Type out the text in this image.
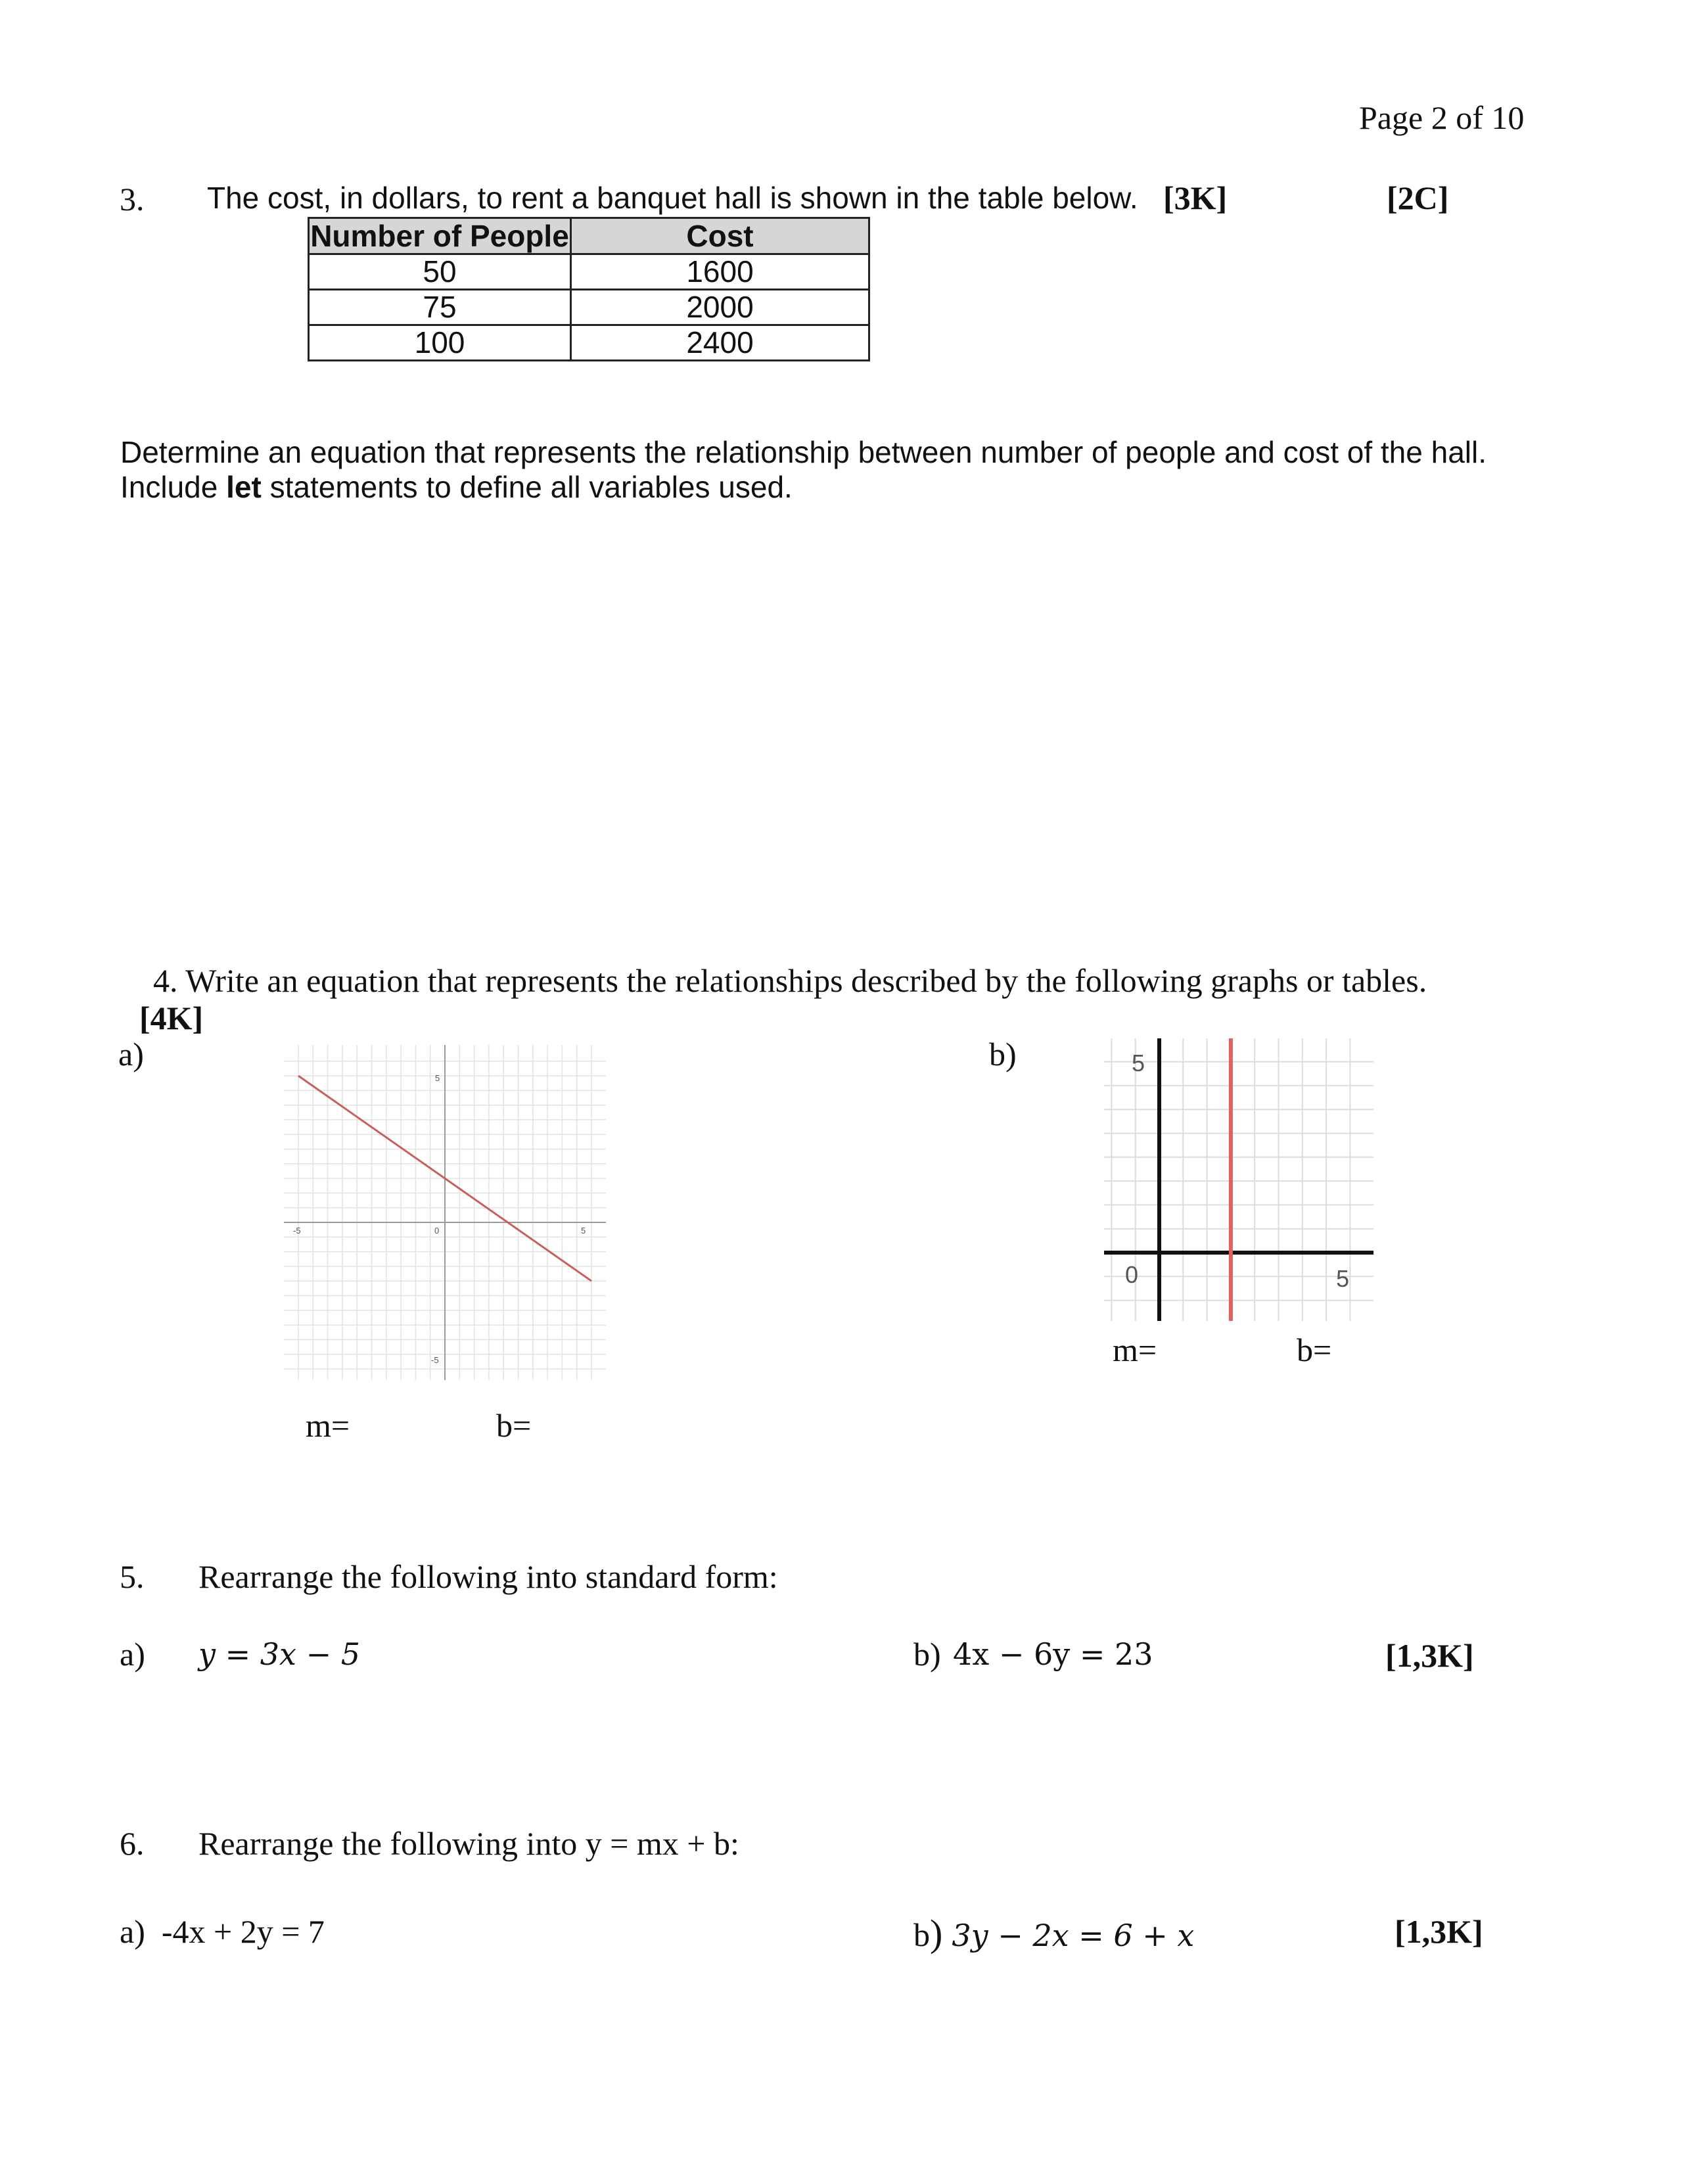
Page 2 of 10
3. The cost, in dollars, to rent a banquet hall is shown in the table below. [3K]	[2C]
Number of People	Cost
50	1600
75	2000
100	2400
Determine an equation that represents the relationship between number of people and cost of the hall.
Include let statements to define all variables used.
4. Write an equation that represents the relationships described by the following graphs or tables.
[4K]
a)	b)
-5	0	5
5
-5
m=	b=
5
0	5
m=	b=
5. Rearrange the following into standard form:
a) y = 3x − 5	b) 4x − 6y = 23	[1,3K]
6. Rearrange the following into y = mx + b:
a)  -4x + 2y = 7	b) 3y − 2x = 6 + x	[1,3K]
